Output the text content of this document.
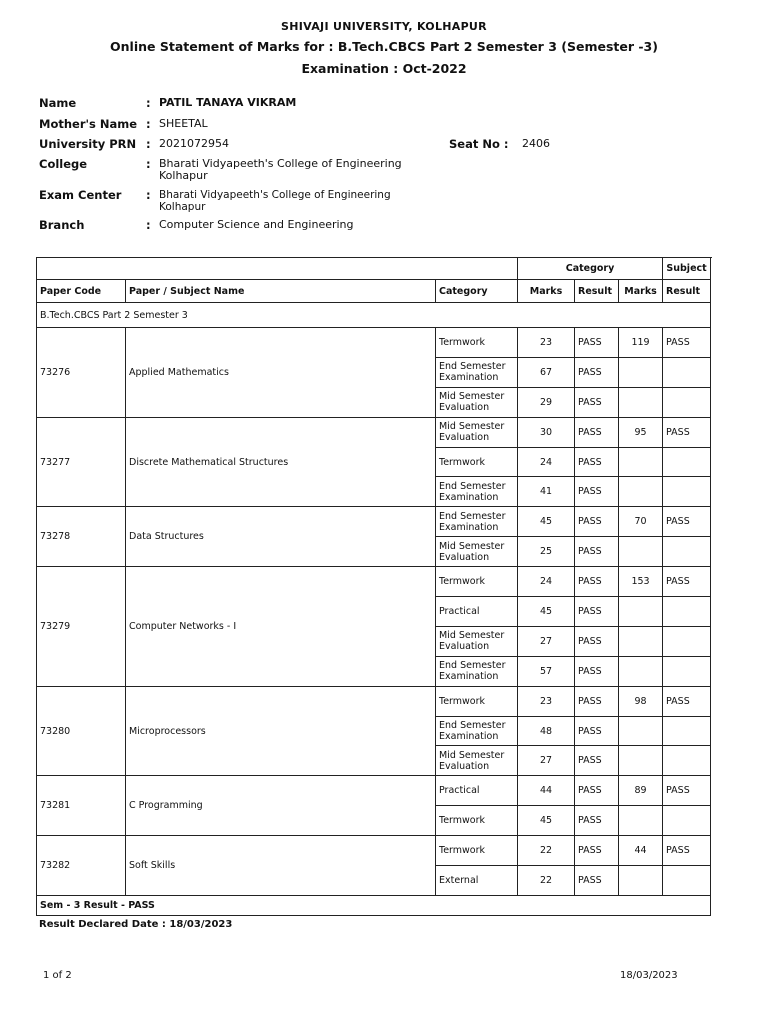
SHIVAJI UNIVERSITY, KOLHAPUR
Online Statement of Marks for : B.Tech.CBCS Part 2 Semester 3 (Semester -3)
Examination : Oct-2022
Name	: PATIL TANAYA VIKRAM
Mother's Name : SHEETAL
University PRN : 2021072954	Seat No : 2406
College	: Bharati Vidyapeeth's College of Engineering
Kolhapur
Exam Center : Bharati Vidyapeeth's College of Engineering
Kolhapur
Branch	: Computer Science and Engineering
			Category			Subject
Paper Code	Paper / Subject Name	Category	Marks	Result	Marks	Result
B.Tech.CBCS Part 2 Semester 3						
73276	Applied Mathematics	Termwork	23	PASS	119	PASS
		End Semester Examination	67	PASS		
		Mid Semester Evaluation	29	PASS		
73277	Discrete Mathematical Structures	Mid Semester Evaluation	30	PASS	95	PASS
		Termwork	24	PASS		
		End Semester Examination	41	PASS		
73278	Data Structures	End Semester Examination	45	PASS	70	PASS
		Mid Semester Evaluation	25	PASS		
73279	Computer Networks - I	Termwork	24	PASS	153	PASS
		Practical	45	PASS		
		Mid Semester Evaluation	27	PASS		
		End Semester Examination	57	PASS		
73280	Microprocessors	Termwork	23	PASS	98	PASS
		End Semester Examination	48	PASS		
		Mid Semester Evaluation	27	PASS		
73281	C Programming	Practical	44	PASS	89	PASS
		Termwork	45	PASS		
73282	Soft Skills	Termwork	22	PASS	44	PASS
		External	22	PASS		
Sem - 3 Result - PASS						
Result Declared Date : 18/03/2023
1 of 2	18/03/2023
